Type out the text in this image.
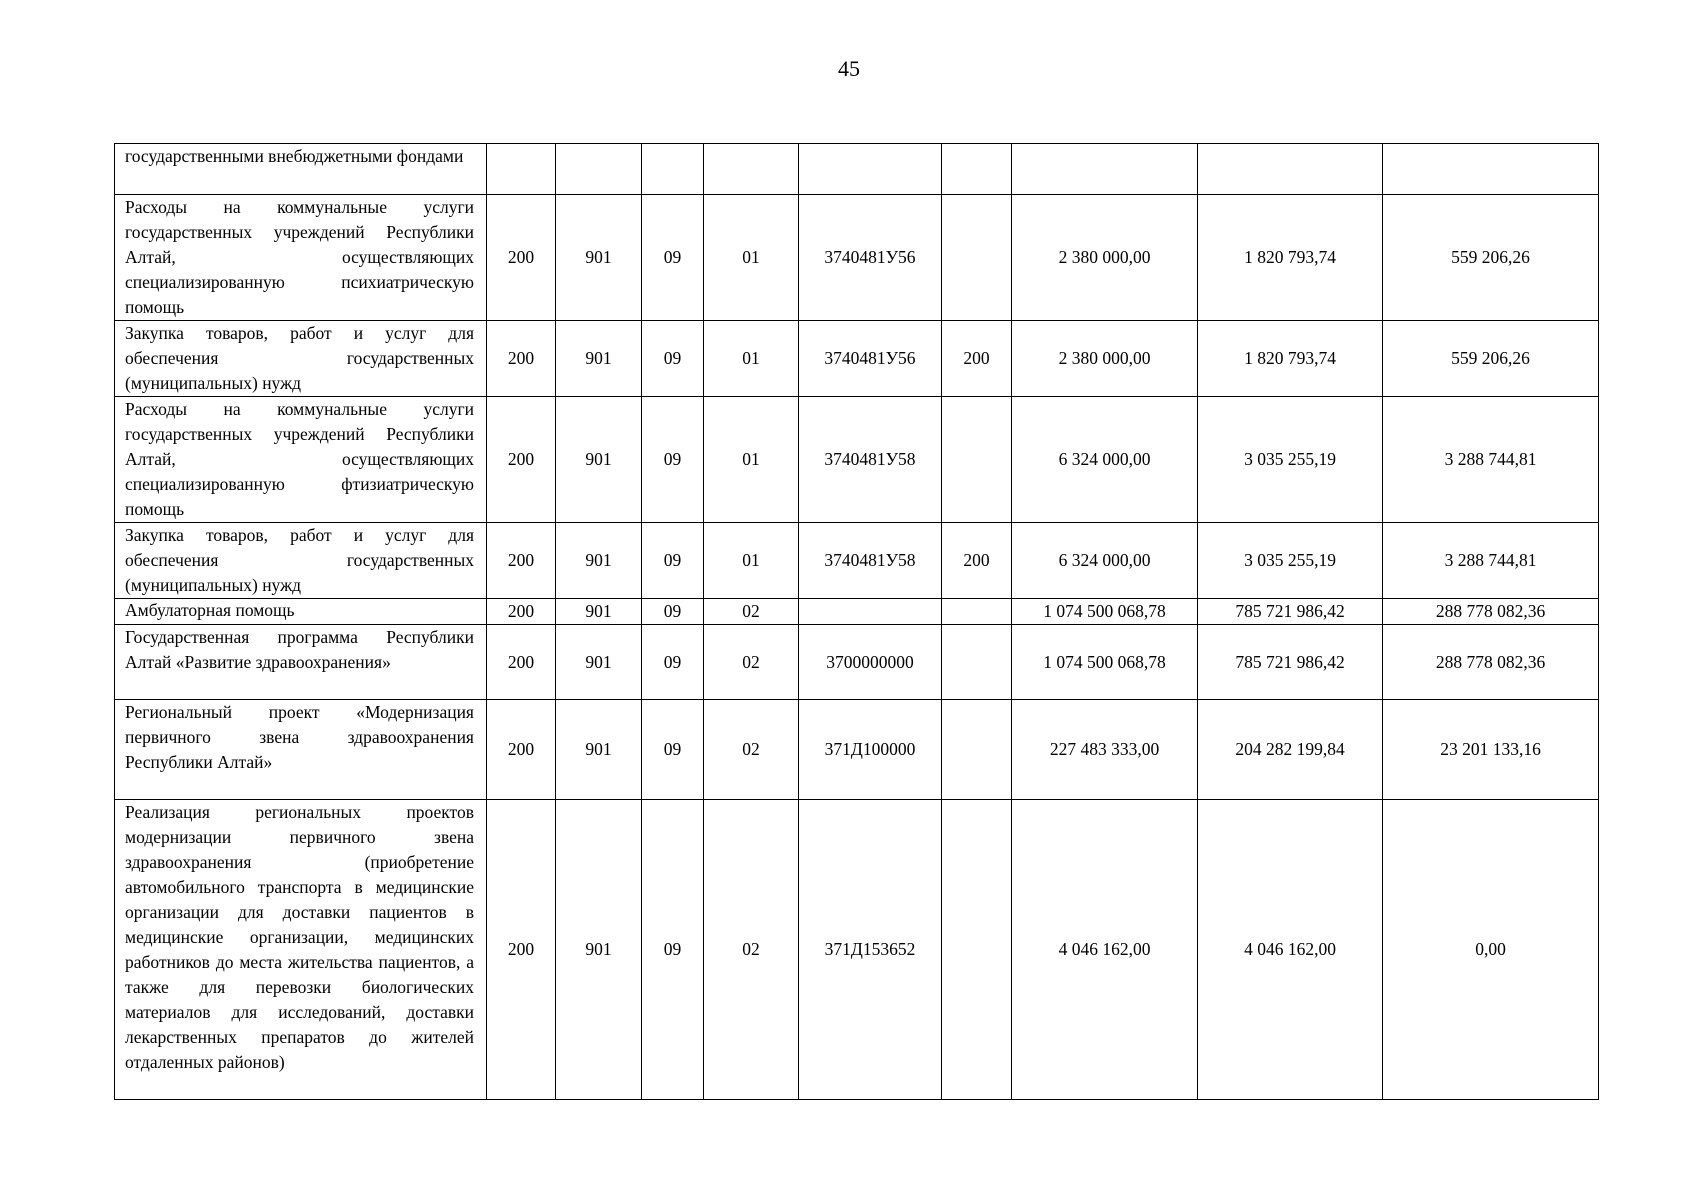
45
государственными внебюджетными фондами									
Расходы на коммунальные услуги государственных учреждений Республики Алтай, осуществляющих специализированную психиатрическую помощь	200	901	09	01	3740481У56		2 380 000,00	1 820 793,74	559 206,26
Закупка товаров, работ и услуг для обеспечения государственных (муниципальных) нужд	200	901	09	01	3740481У56	200	2 380 000,00	1 820 793,74	559 206,26
Расходы на коммунальные услуги государственных учреждений Республики Алтай, осуществляющих специализированную фтизиатрическую помощь	200	901	09	01	3740481У58		6 324 000,00	3 035 255,19	3 288 744,81
Закупка товаров, работ и услуг для обеспечения государственных (муниципальных) нужд	200	901	09	01	3740481У58	200	6 324 000,00	3 035 255,19	3 288 744,81
Амбулаторная помощь	200	901	09	02			1 074 500 068,78	785 721 986,42	288 778 082,36
Государственная программа Республики Алтай «Развитие здравоохранения»	200	901	09	02	3700000000		1 074 500 068,78	785 721 986,42	288 778 082,36
Региональный проект «Модернизация первичного звена здравоохранения Республики Алтай»	200	901	09	02	371Д100000		227 483 333,00	204 282 199,84	23 201 133,16
Реализация региональных проектов модернизации первичного звена здравоохранения (приобретение автомобильного транспорта в медицинские организации для доставки пациентов в медицинские организации, медицинских работников до места жительства пациентов, а также для перевозки биологических материалов для исследований, доставки лекарственных препаратов до жителей отдаленных районов)	200	901	09	02	371Д153652		4 046 162,00	4 046 162,00	0,00
